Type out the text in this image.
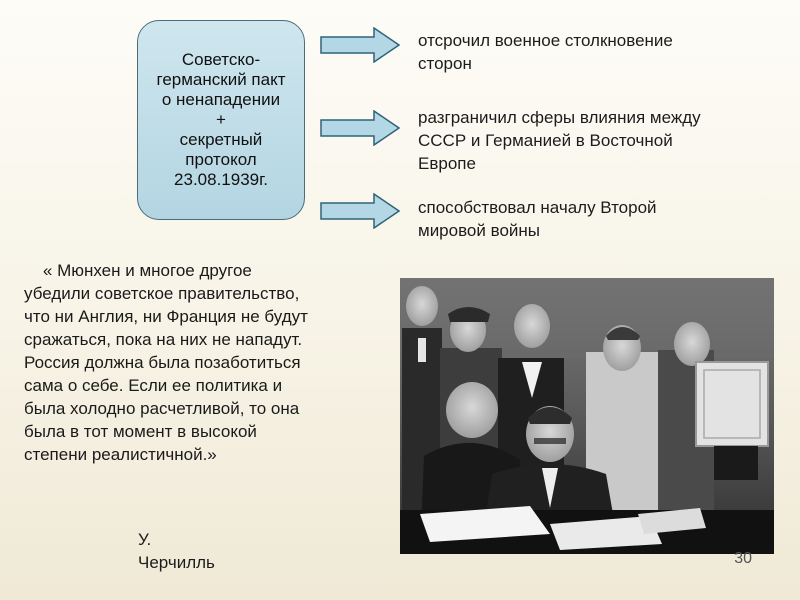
Советско-
германский пакт
о ненападении
+
секретный
протокол
23.08.1939г.
отсрочил военное столкновение
сторон
разграничил сферы влияния между
СССР и Германией в Восточной
Европе
способствовал началу Второй
мировой войны
« Мюнхен и многое другое
убедили советское правительство,
что ни Англия, ни Франция не будут
сражаться, пока на них не нападут.
Россия должна была позаботиться
сама о себе. Если ее политика и
была холодно расчетливой, то она
была в тот момент в высокой
степени реалистичной.»
У.
Черчилль	30
